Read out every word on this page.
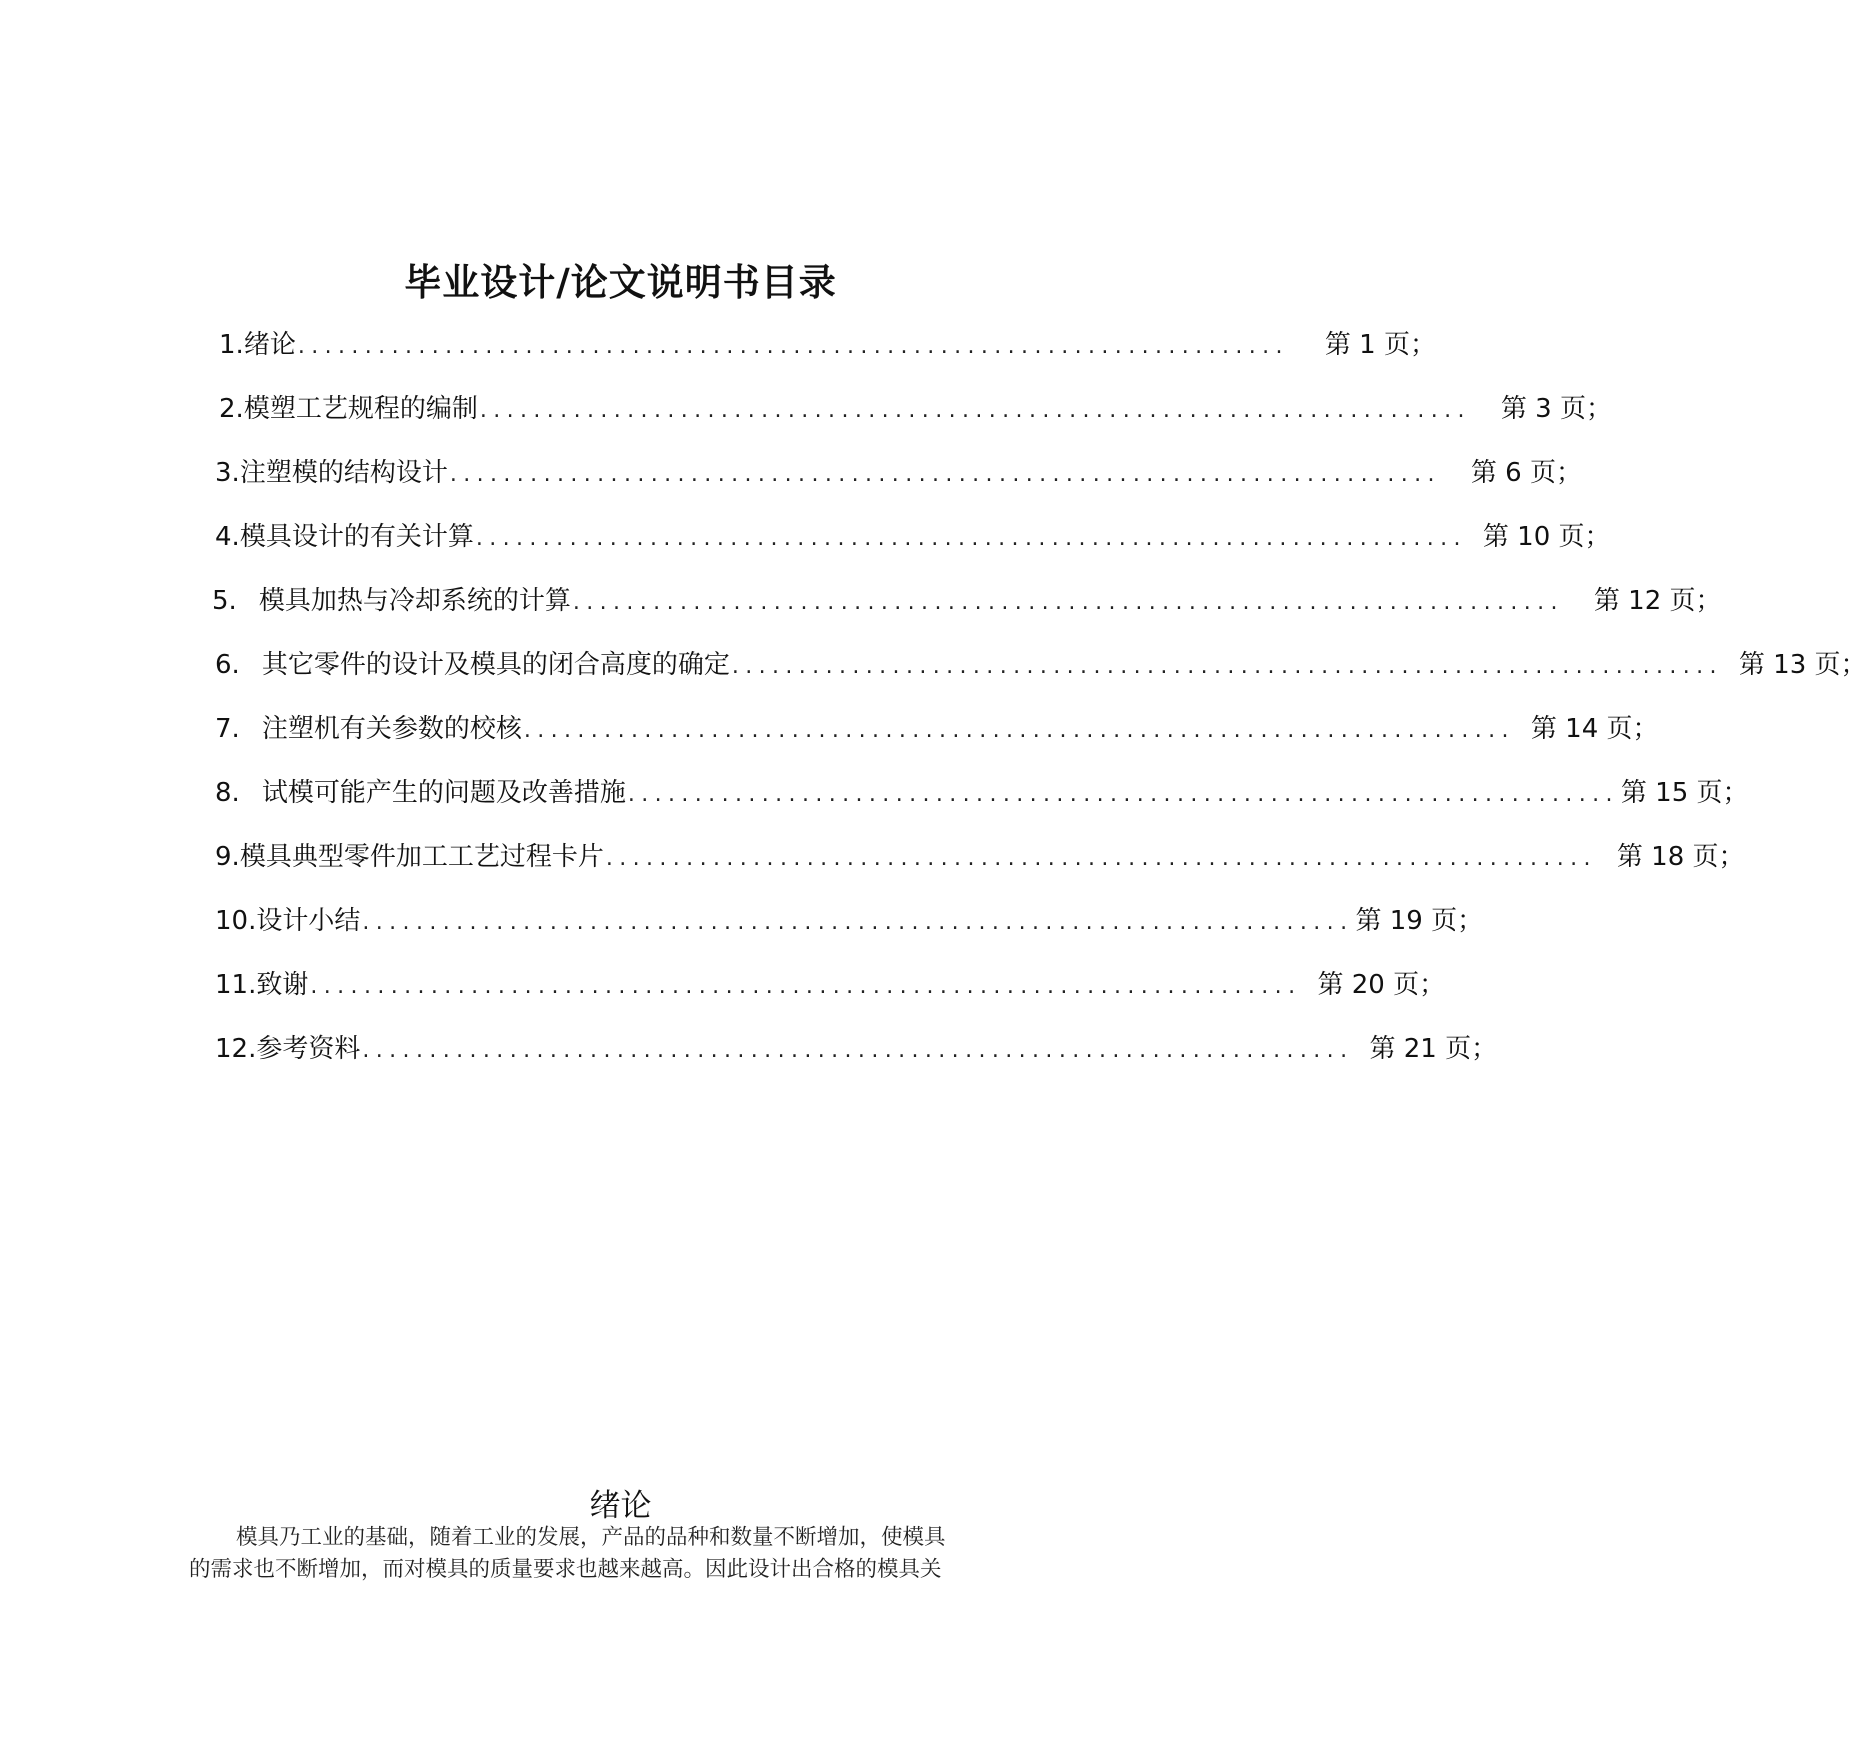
毕业设计/论文说明书目录
1. 绪论 .......................................................................... 第 1 页；
2. 模塑工艺规程的编制 .......................................................................... 第 3 页；
3. 注塑模的结构设计 .......................................................................... 第 6 页；
4. 模具设计的有关计算 .......................................................................... 第 10 页；
5. 模具加热与冷却系统的计算 .......................................................................... 第 12 页；
6. 其它零件的设计及模具的闭合高度的确定 .......................................................................... 第 13 页；
7. 注塑机有关参数的校核 .......................................................................... 第 14 页；
8. 试模可能产生的问题及改善措施 .......................................................................... 第 15 页；
9. 模具典型零件加工工艺过程卡片 .......................................................................... 第 18 页；
10. 设计小结 .......................................................................... 第 19 页；
11. 致谢 .......................................................................... 第 20 页；
12. 参考资料 .......................................................................... 第 21 页；
绪论
模具乃工业的基础，随着工业的发展，产品的品种和数量不断增加，使模具
的需求也不断增加，而对模具的质量要求也越来越高。因此设计出合格的模具关
